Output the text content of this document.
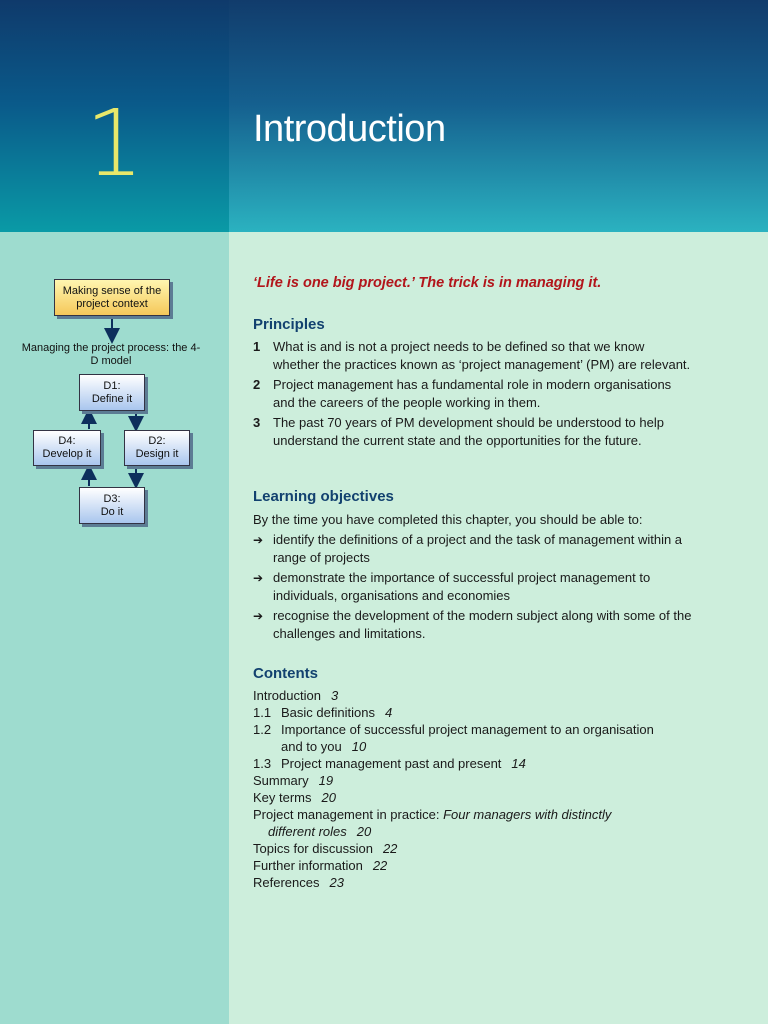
1	Introduction
Making sense of the project context
Managing the project process: the 4-D model
D1:
Define it
D2:
Design it
D3:
Do it
D4:
Develop it
‘Life is one big project.’ The trick is in managing it.
Principles
1 What is and is not a project needs to be defined so that we know whether the practices known as ‘project management’ (PM) are relevant.
2 Project management has a fundamental role in modern organisations and the careers of the people working in them.
3 The past 70 years of PM development should be understood to help understand the current state and the opportunities for the future.
Learning objectives
By the time you have completed this chapter, you should be able to:
➔ identify the definitions of a project and the task of management within a range of projects
➔ demonstrate the importance of successful project management to individuals, organisations and economies
➔ recognise the development of the modern subject along with some of the challenges and limitations.
Contents
Introduction 3
1.1 Basic definitions 4
1.2 Importance of successful project management to an organisation
and to you 10
1.3 Project management past and present 14
Summary 19
Key terms 20
Project management in practice: Four managers with distinctly
different roles 20
Topics for discussion 22
Further information 22
References 23
